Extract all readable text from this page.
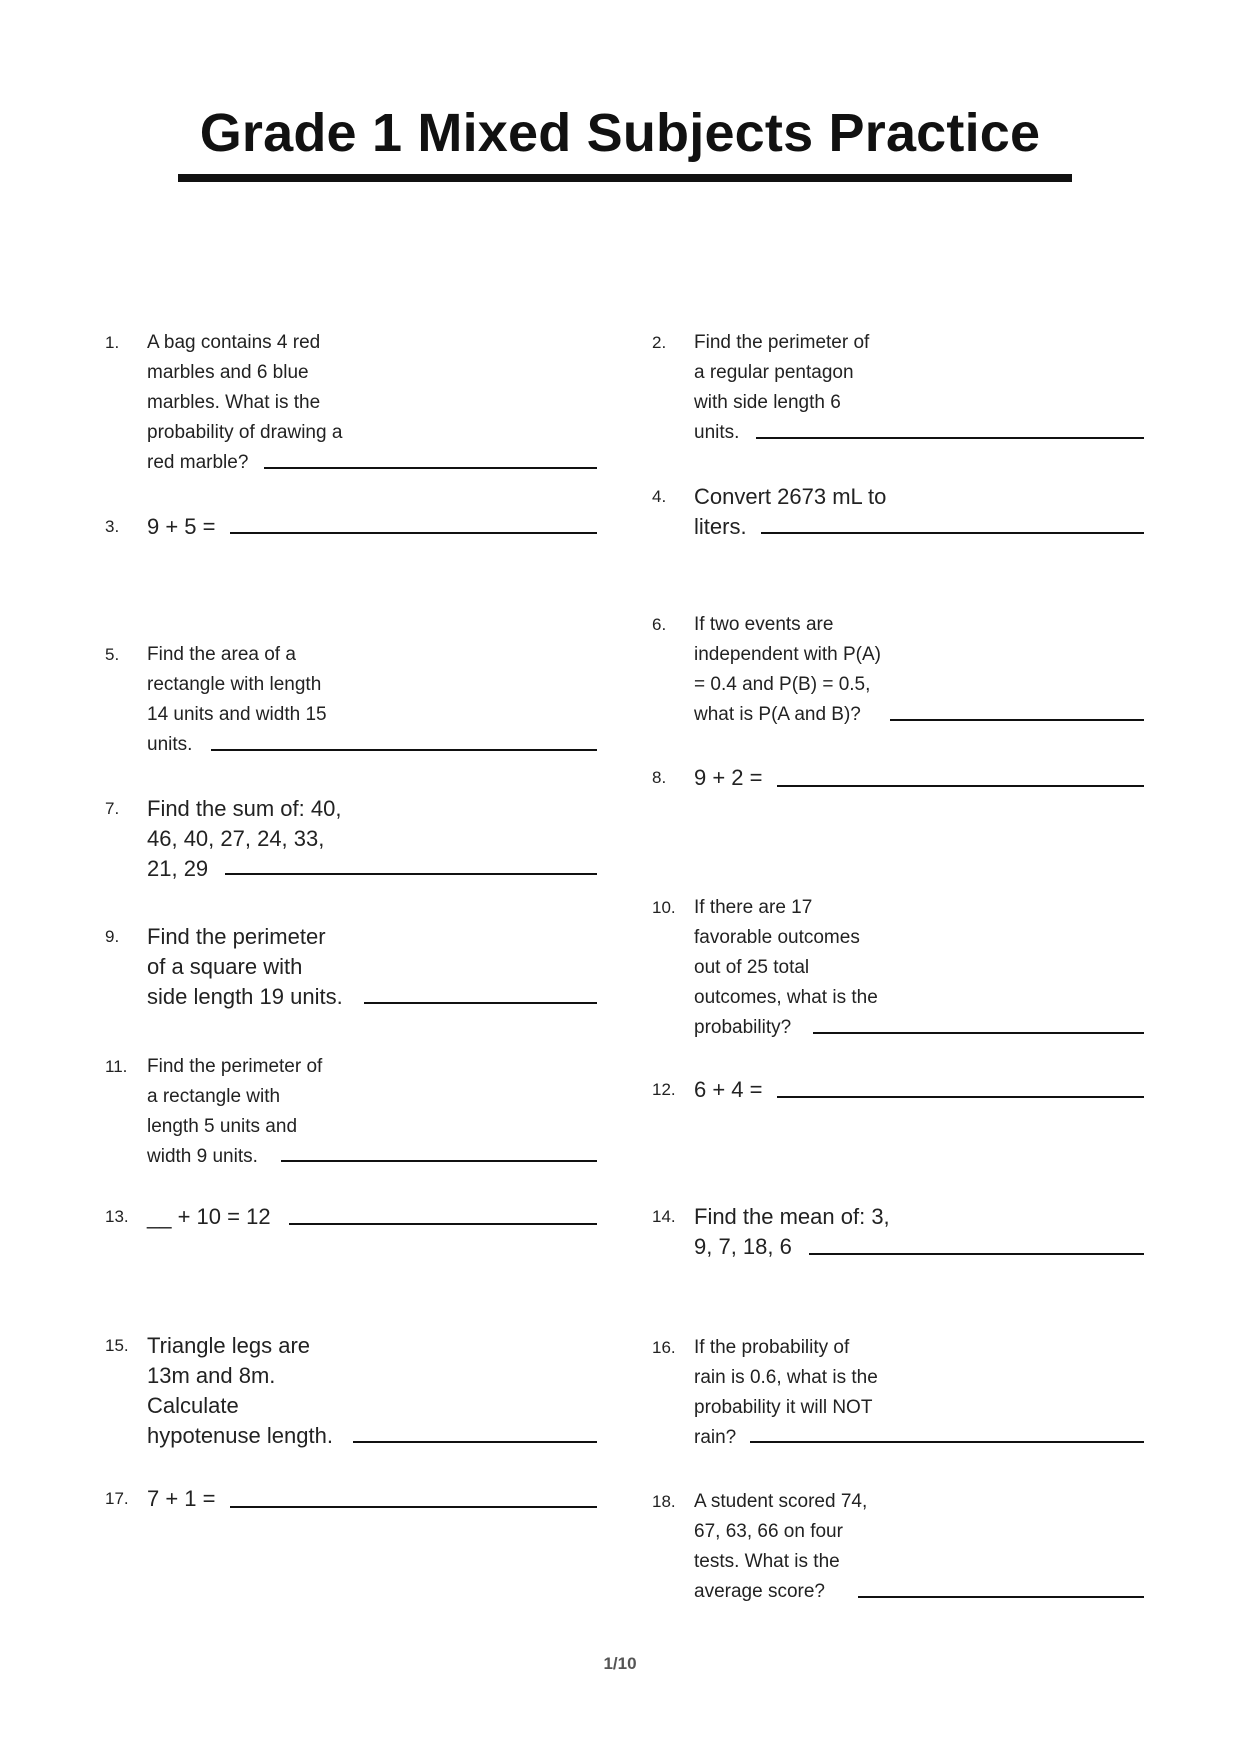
Grade 1 Mixed Subjects Practice
1. A bag contains 4 red
marbles and 6 blue
marbles. What is the
probability of drawing a
red marble?
2. Find the perimeter of
a regular pentagon
with side length 6
units.
3. 9 + 5 =
4. Convert 2673 mL to
liters.
5. Find the area of a
rectangle with length
14 units and width 15
units.
6. If two events are
independent with P(A)
= 0.4 and P(B) = 0.5,
what is P(A and B)?
7. Find the sum of: 40,
46, 40, 27, 24, 33,
21, 29
8. 9 + 2 =
9. Find the perimeter
of a square with
side length 19 units.
10. If there are 17
favorable outcomes
out of 25 total
outcomes, what is the
probability?
11. Find the perimeter of
a rectangle with
length 5 units and
width 9 units.
12. 6 + 4 =
13. __ + 10 = 12	14. Find the mean of: 3,
9, 7, 18, 6
15. Triangle legs are
13m and 8m.
Calculate
hypotenuse length.
16. If the probability of
rain is 0.6, what is the
probability it will NOT
rain?
17. 7 + 1 =	18. A student scored 74,
67, 63, 66 on four
tests. What is the
average score?
1/10
